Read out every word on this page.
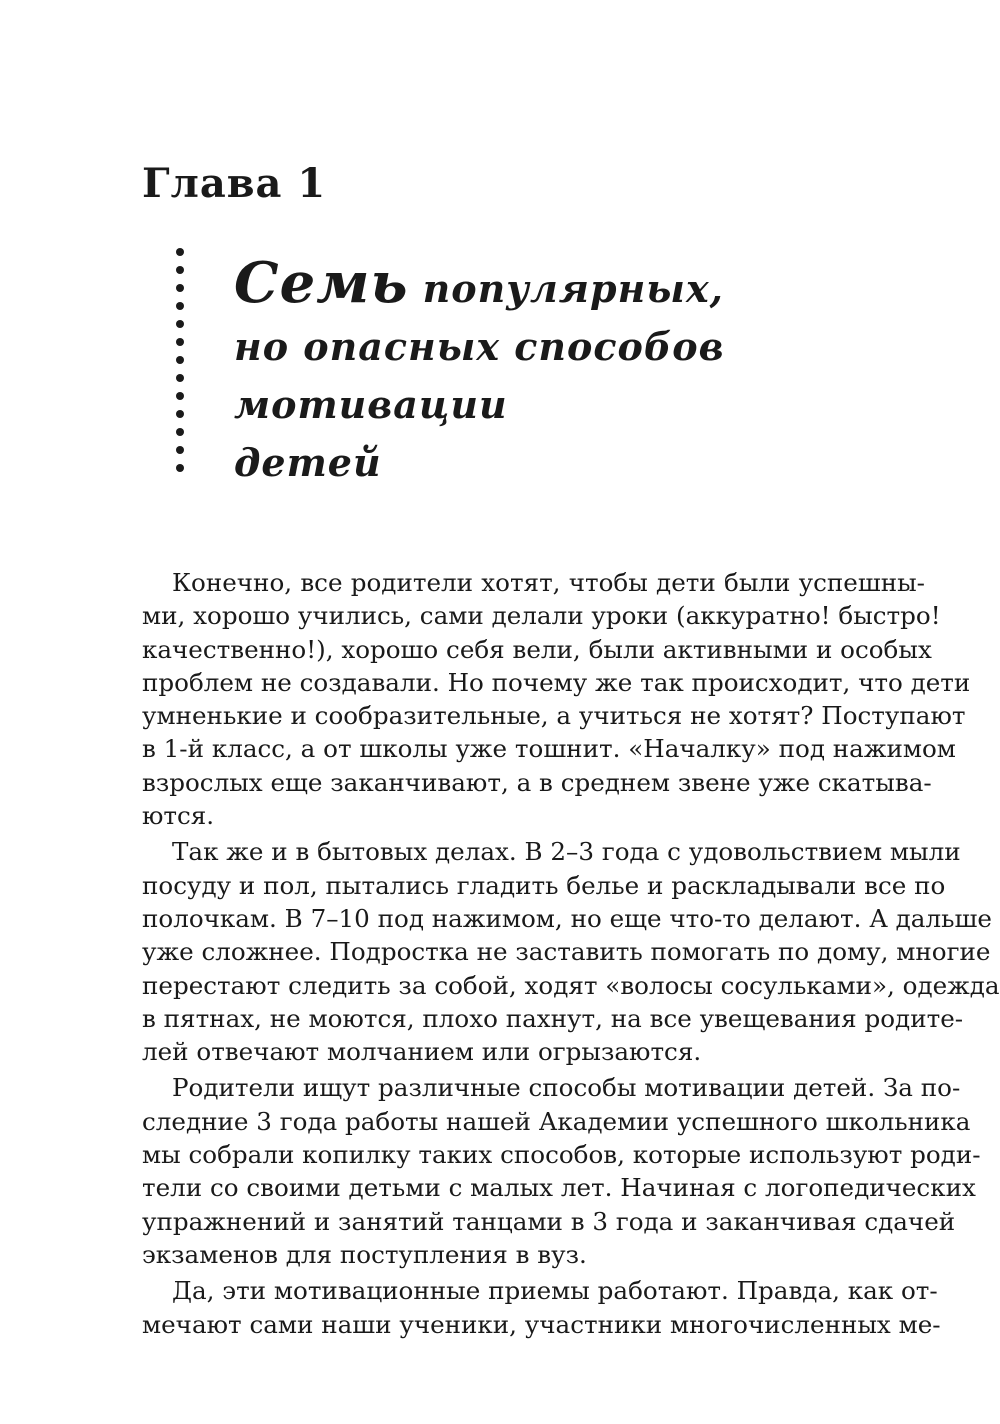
Глава 1
Семь популярных,
но опасных способов
мотивации
детей
Конечно, все родители хотят, чтобы дети были успешны-
ми, хорошо учились, сами делали уроки (аккуратно! быстро!
качественно!), хорошо себя вели, были активными и особых
проблем не создавали. Но почему же так происходит, что дети
умненькие и сообразительные, а учиться не хотят? Поступают
в 1-й класс, а от школы уже тошнит. «Началку» под нажимом
взрослых еще заканчивают, а в среднем звене уже скатыва-
ются.
Так же и в бытовых делах. В 2–3 года с удовольствием мыли
посуду и пол, пытались гладить белье и раскладывали все по
полочкам. В 7–10 под нажимом, но еще что-то делают. А дальше
уже сложнее. Подростка не заставить помогать по дому, многие
перестают следить за собой, ходят «волосы сосульками», одежда
в пятнах, не моются, плохо пахнут, на все увещевания родите-
лей отвечают молчанием или огрызаются.
Родители ищут различные способы мотивации детей. За по-
следние 3 года работы нашей Академии успешного школьника
мы собрали копилку таких способов, которые используют роди-
тели со своими детьми с малых лет. Начиная с логопедических
упражнений и занятий танцами в 3 года и заканчивая сдачей
экзаменов для поступления в вуз.
Да, эти мотивационные приемы работают. Правда, как от-
мечают сами наши ученики, участники многочисленных ме-
